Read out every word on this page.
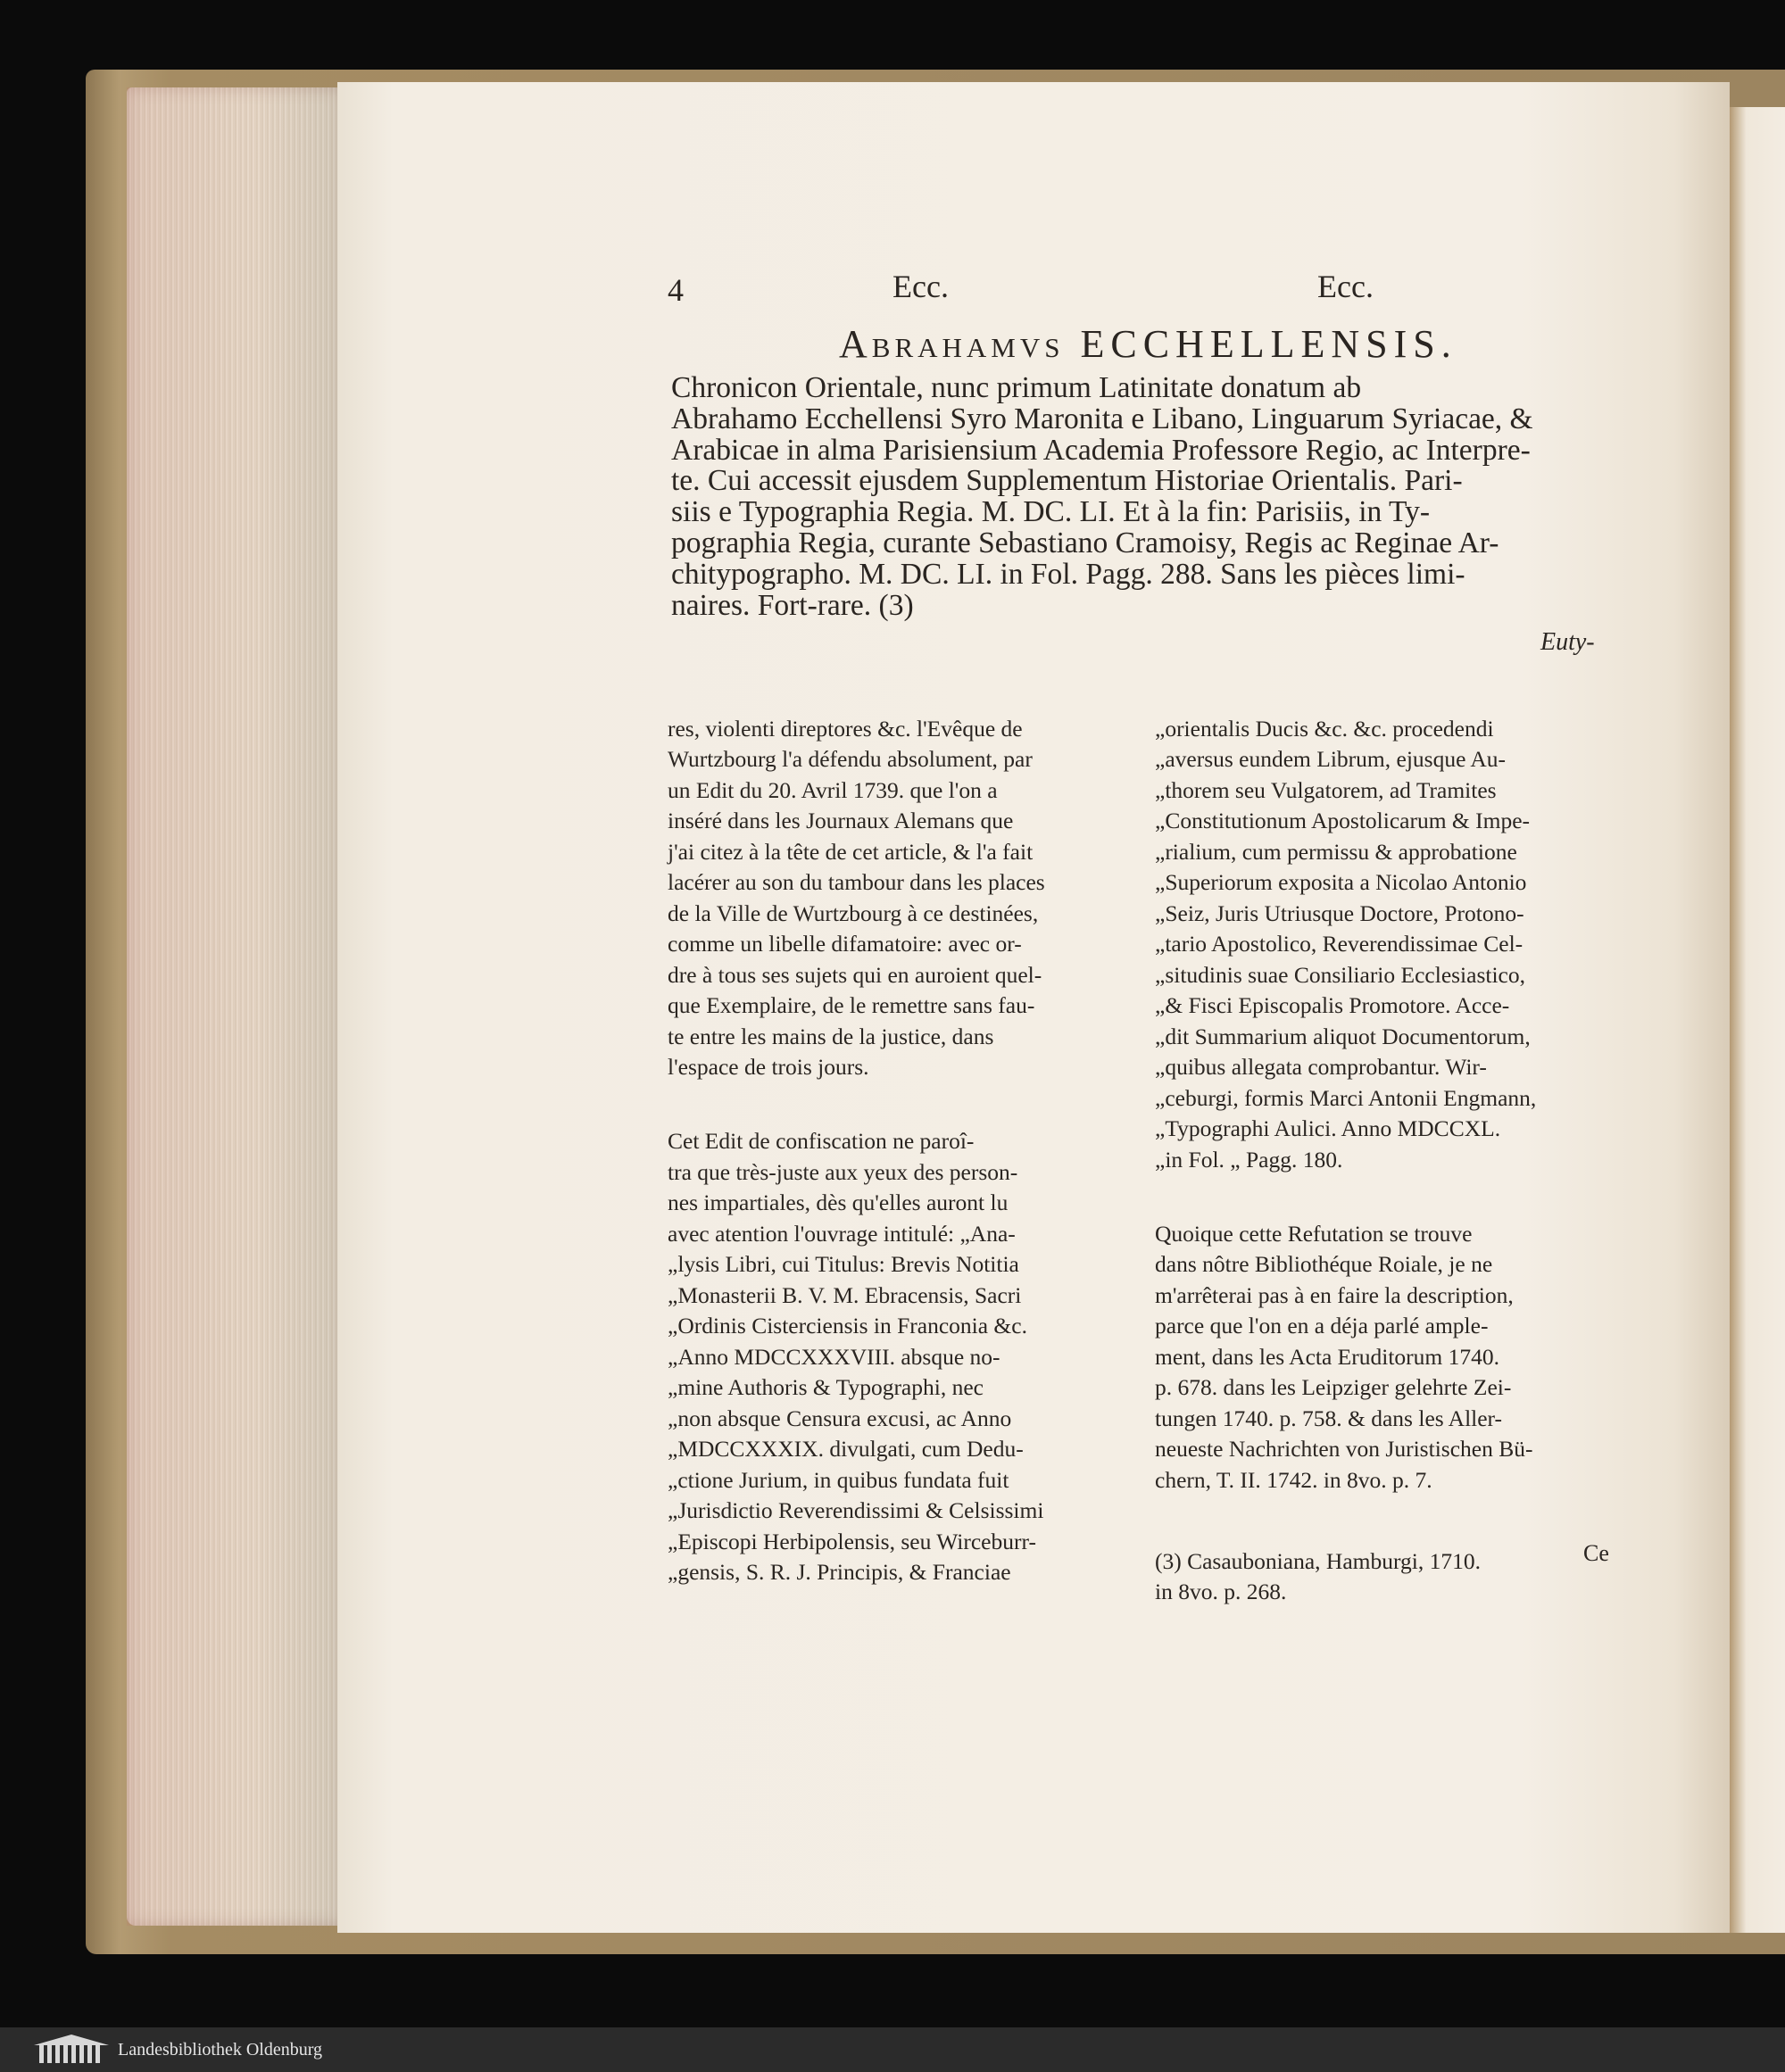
4	Ecc.	Ecc.
Abrahamvs ECCHELLENSIS.
Chronicon Orientale, nunc primum Latinitate donatum ab
Abrahamo Ecchellensi Syro Maronita e Libano, Linguarum Syriacae, &
Arabicae in alma Parisiensium Academia Professore Regio, ac Interpre-
te. Cui accessit ejusdem Supplementum Historiae Orientalis. Pari-
siis e Typographia Regia. M. DC. LI. Et à la fin: Parisiis, in Ty-
pographia Regia, curante Sebastiano Cramoisy, Regis ac Reginae Ar-
chitypographo. M. DC. LI. in Fol. Pagg. 288. Sans les pièces limi-
naires. Fort-rare. (3)
Euty-

res, violenti direptores &c. l'Evêque de
Wurtzbourg l'a défendu absolument, par
un Edit du 20. Avril 1739. que l'on a
inséré dans les Journaux Alemans que
j'ai citez à la tête de cet article, & l'a fait
lacérer au son du tambour dans les places
de la Ville de Wurtzbourg à ce destinées,
comme un libelle difamatoire: avec or-
dre à tous ses sujets qui en auroient quel-
que Exemplaire, de le remettre sans fau-
te entre les mains de la justice, dans
l'espace de trois jours.

Cet Edit de confiscation ne paroî-
tra que très-juste aux yeux des person-
nes impartiales, dès qu'elles auront lu
avec atention l'ouvrage intitulé: „Ana-
„lysis Libri, cui Titulus: Brevis Notitia
„Monasterii B. V. M. Ebracensis, Sacri
„Ordinis Cisterciensis in Franconia &c.
„Anno MDCCXXXVIII. absque no-
„mine Authoris & Typographi, nec
„non absque Censura excusi, ac Anno
„MDCCXXXIX. divulgati, cum Dedu-
„ctione Jurium, in quibus fundata fuit
„Jurisdictio Reverendissimi & Celsissimi
„Episcopi Herbipolensis, seu Wirceburr-
„gensis, S. R. J. Principis, & Franciae

„orientalis Ducis &c. &c. procedendi
„aversus eundem Librum, ejusque Au-
„thorem seu Vulgatorem, ad Tramites
„Constitutionum Apostolicarum & Impe-
„rialium, cum permissu & approbatione
„Superiorum exposita a Nicolao Antonio
„Seiz, Juris Utriusque Doctore, Protono-
„tario Apostolico, Reverendissimae Cel-
„situdinis suae Consiliario Ecclesiastico,
„& Fisci Episcopalis Promotore. Acce-
„dit Summarium aliquot Documentorum,
„quibus allegata comprobantur. Wir-
„ceburgi, formis Marci Antonii Engmann,
„Typographi Aulici. Anno MDCCXL.
„in Fol. „ Pagg. 180.

Quoique cette Refutation se trouve
dans nôtre Bibliothéque Roiale, je ne
m'arrêterai pas à en faire la description,
parce que l'on en a déja parlé ample-
ment, dans les Acta Eruditorum 1740.
p. 678. dans les Leipziger gelehrte Zei-
tungen 1740. p. 758. & dans les Aller-
neueste Nachrichten von Juristischen Bü-
chern, T. II. 1742. in 8vo. p. 7.

(3) Casauboniana, Hamburgi, 1710.
in 8vo. p. 268.

Ce
Landesbibliothek Oldenburg
